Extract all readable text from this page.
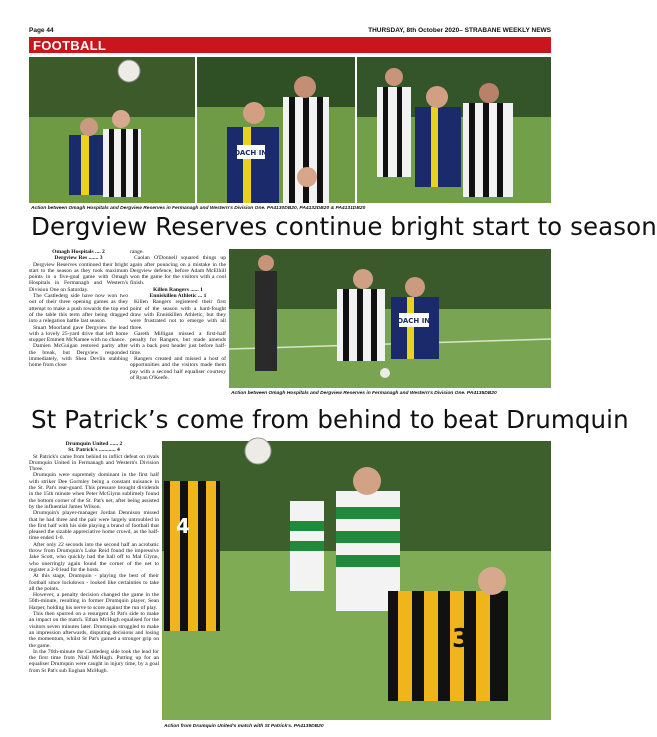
Page 44	THURSDAY, 8th October 2020– STRABANE WEEKLY NEWS
FOOTBALL
COACH INN
Action between Omagh Hospitals and Dergview Reserves in Fermanagh and Western's Division One. PA4130DB20, PA4132DB20 & PA4131DB20
Dergview Reserves continue bright start to season
Omagh Hospitals .... 2
Dergview Res ....... 3

Dergview Reserves continued their bright start to the season as they took maximum points in a five-goal game with Omagh Hospitals in Fermanagh and Western's Division One on Saturday.

The Castlederg side have now won two out of their three opening games as they attempt to make a push towards the top end of the table this term after being dragged into a relegation battle last season.

Stuart Moorland gave Dergview the lead with a lovely 25-yard drive that left home stopper Emmett McNamee with no chance.

Damien McGuigan restored parity after the break, but Dergview responded immediately, with Shea Devlin stabbing home from close

range.

Caolan O'Donnell squared things up again after pouncing on a mistake in the Dergview defence, before Adam McElhill won the game for the visitors with a cool finish.

Killen Rangers ...... 1
Enniskillen Athletic ... 1

Killen Rangers registered their first point of the season with a hard-fought draw with Enniskillen Athletic, but they were frustrated not to emerge with all three.

Gareth Milligan missed a first-half penalty for Rangers, but made amends with a back post header just before half-time.

Rangers created and missed a host of opportunities and the visitors made them pay with a second half equaliser courtesy of Ryan O'Keefe.

COACH INN
Action between Omagh Hospitals and Dergview Reserves in Fermanagh and Western's Division One. PA4135DB20
St Patrick’s come from behind to beat Drumquin
Drumquin United ...... 2
St. Patrick's ............ 4

St Patrick's came from behind to inflict defeat on rivals Drumquin United in Fermanagh and Western's Division Three.

Drumquin were supremely dominant in the first half with striker Dee Gormley being a constant nuisance in the St. Pat's rear-guard. This pressure brought dividends in the 15th minute when Peter McGlynn sublimely found the bottom corner of the St. Pat's net, after being assisted by the influential James Wilson.

Drumquin's player-manager Jordan Dennison missed that he had three and the pair were largely untroubled in the first half with his side playing a brand of football that pleased the sizable appreciative home crowd, as the half-time ended 1-0.

After only 22 seconds into the second half an acrobatic throw from Drumquin's Luke Reid found the impressive Jake Scott, who quickly had the ball off to Mal Glynn, who unerringly again found the corner of the net to register a 2-0 lead for the hosts.

At this stage, Drumquin - playing the best of their football since lockdown - looked like certainties to take all the points.

However, a penalty decision changed the game in the 56th-minute, resulting in former Drumquin player, Sean Harper, holding his nerve to score against the run of play.

This then spurred on a resurgent St Pat's side to make an impact on the match. Ethan McHugh equalised for the visitors seven minutes later. Drumquin struggled to make an impression afterwards, disputing decisions and losing the momentum, whilst St Pat's gained a stronger grip on the game.

In the 76th-minute the Castlederg side took the lead for the first time from Niall McHugh. Putting up for an equaliser Drumquin were caught in injury time, by a goal from St Pat's sub Eoghan McHugh.

4
3
Action from Drumquin United's match with St Patrick's. PA4139DB20
